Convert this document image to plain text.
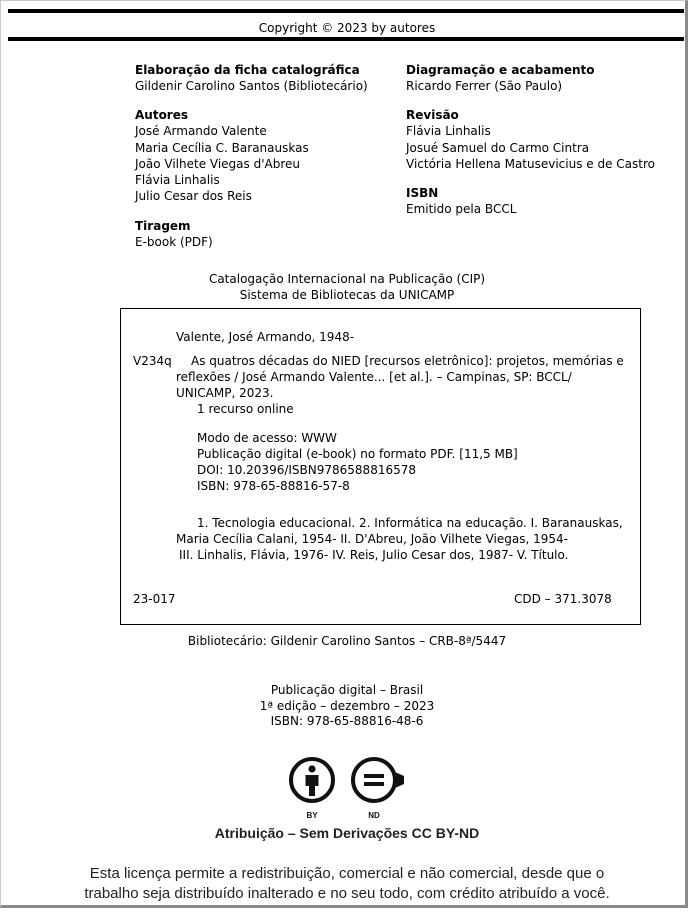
Copyright © 2023 by autores
Elaboração da ficha catalográfica
Gildenir Carolino Santos (Bibliotecário)
Autores
José Armando Valente
Maria Cecília C. Baranauskas
João Vilhete Viegas d'Abreu
Flávia Linhalis
Julio Cesar dos Reis
Tiragem
E-book (PDF)
Diagramação e acabamento
Ricardo Ferrer (São Paulo)
Revisão
Flávia Linhalis
Josué Samuel do Carmo Cintra
Victória Hellena Matusevicius e de Castro
ISBN
Emitido pela BCCL
Catalogação Internacional na Publicação (CIP)
Sistema de Bibliotecas da UNICAMP
Valente, José Armando, 1948-
V234q As quatros décadas do NIED [recursos eletrônico]: projetos, memórias e
reflexões / José Armando Valente... [et al.]. – Campinas, SP: BCCL/
UNICAMP, 2023.
1 recurso online
Modo de acesso: WWW
Publicação digital (e-book) no formato PDF. [11,5 MB]
DOI: 10.20396/ISBN9786588816578
ISBN: 978-65-88816-57-8
1. Tecnologia educacional. 2. Informática na educação. I. Baranauskas,
Maria Cecília Calani, 1954- II. D'Abreu, João Vilhete Viegas, 1954-
III. Linhalis, Flávia, 1976- IV. Reis, Julio Cesar dos, 1987- V. Título.
23-017	CDD – 371.3078
Bibliotecário: Gildenir Carolino Santos – CRB-8ª/5447
Publicação digital – Brasil
1ª edição – dezembro – 2023
ISBN: 978-65-88816-48-6
BY	ND
Atribuição – Sem Derivações CC BY-ND
Esta licença permite a redistribuição, comercial e não comercial, desde que o
trabalho seja distribuído inalterado e no seu todo, com crédito atribuído a você.
